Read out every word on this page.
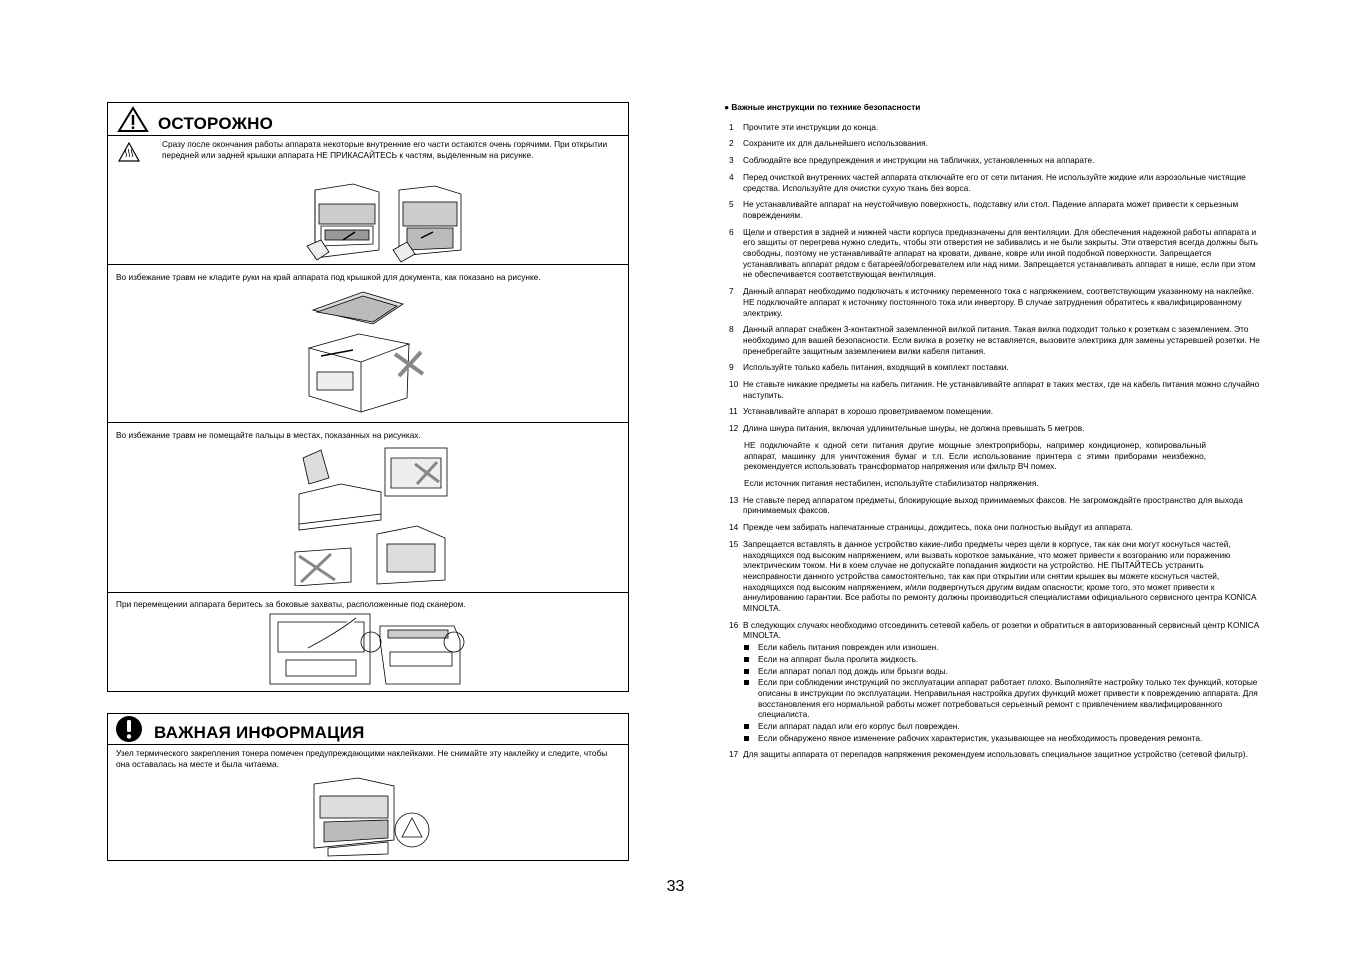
ОСТОРОЖНО
Сразу после окончания работы аппарата некоторые внутренние его части остаются очень горячими. При открытии передней или задней крышки аппарата НЕ ПРИКАСАЙТЕСЬ к частям, выделенным на рисунке.
Во избежание травм не кладите руки на край аппарата под крышкой для документа, как показано на рисунке.
Во избежание травм не помещайте пальцы в местах, показанных на рисунках.
При перемещении аппарата беритесь за боковые захваты, расположенные под сканером.
ВАЖНАЯ ИНФОРМАЦИЯ
Узел термического закрепления тонера помечен предупреждающими наклейками. Не снимайте эту наклейку и следите, чтобы она оставалась на месте и была читаема.
● Важные инструкции по технике безопасности
1 Прочтите эти инструкции до конца.
2 Сохраните их для дальнейшего использования.
3 Соблюдайте все предупреждения и инструкции на табличках, установленных на аппарате.
4 Перед очисткой внутренних частей аппарата отключайте его от сети питания. Не используйте жидкие или аэрозольные чистящие средства. Используйте для очистки сухую ткань без ворса.
5 Не устанавливайте аппарат на неустойчивую поверхность, подставку или стол. Падение аппарата может привести к серьезным повреждениям.
6 Щели и отверстия в задней и нижней части корпуса предназначены для вентиляции. Для обеспечения надежной работы аппарата и его защиты от перегрева нужно следить, чтобы эти отверстия не забивались и не были закрыты. Эти отверстия всегда должны быть свободны, поэтому не устанавливайте аппарат на кровати, диване, ковре или иной подобной поверхности. Запрещается устанавливать аппарат рядом с батареей/обогревателем или над ними. Запрещается устанавливать аппарат в нише, если при этом не обеспечивается соответствующая вентиляция.
7 Данный аппарат необходимо подключать к источнику переменного тока с напряжением, соответствующим указанному на наклейке. НЕ подключайте аппарат к источнику постоянного тока или инвертору. В случае затруднения обратитесь к квалифицированному электрику.
8 Данный аппарат снабжен 3-контактной заземленной вилкой питания. Такая вилка подходит только к розеткам с заземлением. Это необходимо для вашей безопасности. Если вилка в розетку не вставляется, вызовите электрика для замены устаревшей розетки. Не пренебрегайте защитным заземлением вилки кабеля питания.
9 Используйте только кабель питания, входящий в комплект поставки.
10 Не ставьте никакие предметы на кабель питания. Не устанавливайте аппарат в таких местах, где на кабель питания можно случайно наступить.
11 Устанавливайте аппарат в хорошо проветриваемом помещении.
12 Длина шнура питания, включая удлинительные шнуры, не должна превышать 5 метров.
НЕ подключайте к одной сети питания другие мощные электроприборы, например кондиционер, копировальный аппарат, машинку для уничтожения бумаг и т.п. Если использование принтера с этими приборами неизбежно, рекомендуется использовать трансформатор напряжения или фильтр ВЧ помех.
Если источник питания нестабилен, используйте стабилизатор напряжения.
13 Не ставьте перед аппаратом предметы, блокирующие выход принимаемых факсов. Не загромождайте пространство для выхода принимаемых факсов.
14 Прежде чем забирать напечатанные страницы, дождитесь, пока они полностью выйдут из аппарата.
15 Запрещается вставлять в данное устройство какие-либо предметы через щели в корпусе, так как они могут коснуться частей, находящихся под высоким напряжением, или вызвать короткое замыкание, что может привести к возгоранию или поражению электрическим током. Ни в коем случае не допускайте попадания жидкости на устройство. НЕ ПЫТАЙТЕСЬ устранить неисправности данного устройства самостоятельно, так как при открытии или снятии крышек вы можете коснуться частей, находящихся под высоким напряжением, и/или подвергнуться другим видам опасности; кроме того, это может привести к аннулированию гарантии. Все работы по ремонту должны производиться специалистами официального сервисного центра KONICA MINOLTA.
16 В следующих случаях необходимо отсоединить сетевой кабель от розетки и обратиться в авторизованный сервисный центр KONICA MINOLTA.
Если кабель питания поврежден или изношен.
Если на аппарат была пролита жидкость.
Если аппарат попал под дождь или брызги воды.
Если при соблюдении инструкций по эксплуатации аппарат работает плохо. Выполняйте настройку только тех функций, которые описаны в инструкции по эксплуатации. Неправильная настройка других функций может привести к повреждению аппарата. Для восстановления его нормальной работы может потребоваться серьезный ремонт с привлечением квалифицированного специалиста.
Если аппарат падал или его корпус был поврежден.
Если обнаружено явное изменение рабочих характеристик, указывающее на необходимость проведения ремонта.
17 Для защиты аппарата от перепадов напряжения рекомендуем использовать специальное защитное устройство (сетевой фильтр).
33
